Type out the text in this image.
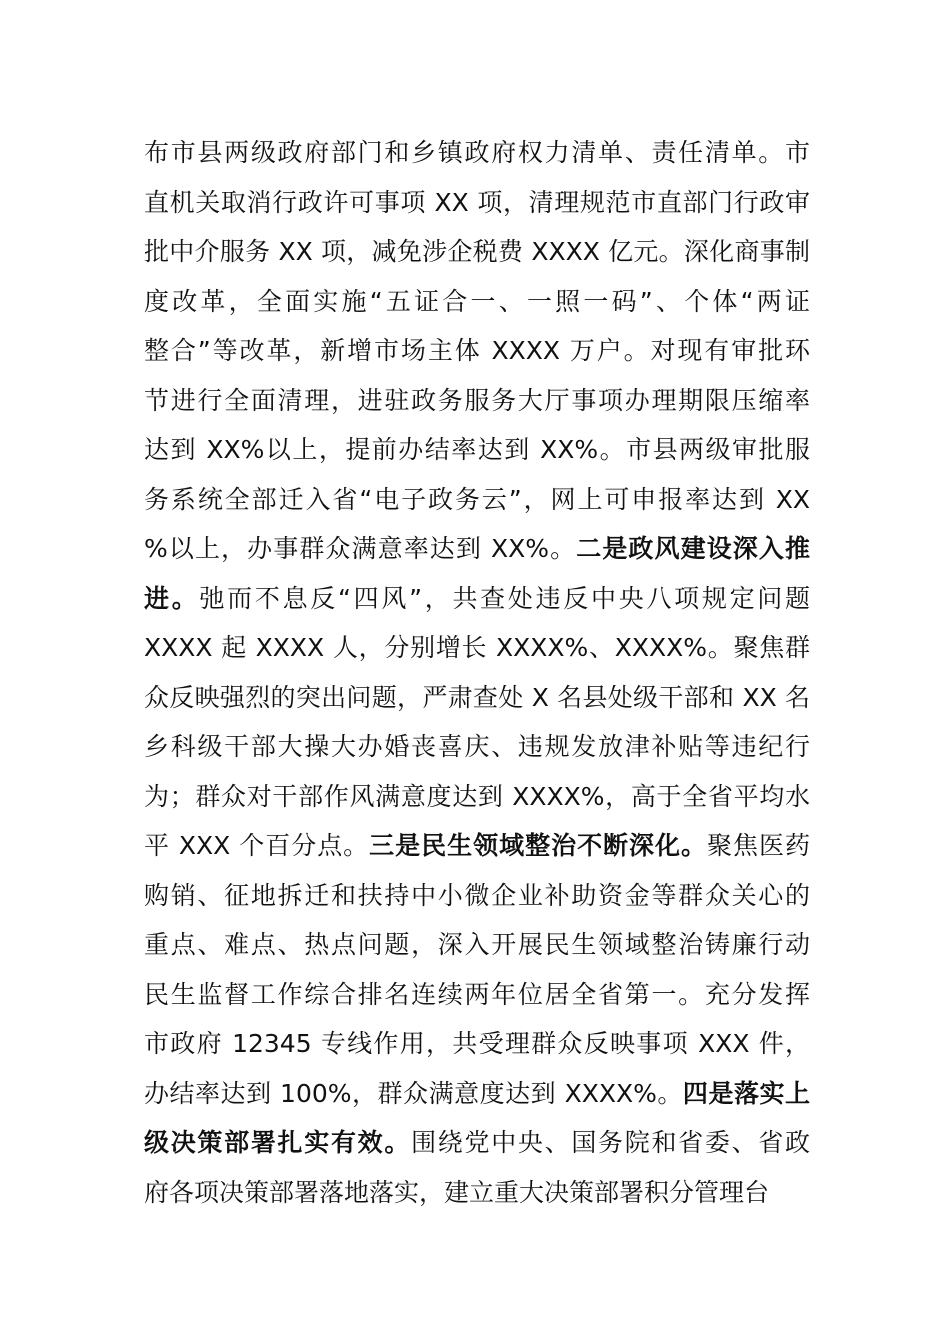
布市县两级政府部门和乡镇政府权力清单、责任清单。市
直机关取消行政许可事项 XX 项，清理规范市直部门行政审
批中介服务 XX 项，减免涉企税费 XXXX 亿元。深化商事制
度改革，全面实施“五证合一、一照一码”、个体“两证
整合”等改革，新增市场主体 XXXX 万户。对现有审批环
节进行全面清理，进驻政务服务大厅事项办理期限压缩率
达到 XX%以上，提前办结率达到 XX%。市县两级审批服
务系统全部迁入省“电子政务云”，网上可申报率达到 XX
%以上，办事群众满意率达到 XX%。二是政风建设深入推
进。弛而不息反“四风”，共查处违反中央八项规定问题
XXXX 起 XXXX 人，分别增长 XXXX%、XXXX%。聚焦群
众反映强烈的突出问题，严肃查处 X 名县处级干部和 XX 名
乡科级干部大操大办婚丧喜庆、违规发放津补贴等违纪行
为；群众对干部作风满意度达到 XXXX%，高于全省平均水
平 XXX 个百分点。三是民生领域整治不断深化。聚焦医药
购销、征地拆迁和扶持中小微企业补助资金等群众关心的
重点、难点、热点问题，深入开展民生领域整治铸廉行动
民生监督工作综合排名连续两年位居全省第一。充分发挥
市政府 12345 专线作用，共受理群众反映事项 XXX 件，
办结率达到 100%，群众满意度达到 XXXX%。四是落实上
级决策部署扎实有效。围绕党中央、国务院和省委、省政
府各项决策部署落地落实，建立重大决策部署积分管理台
